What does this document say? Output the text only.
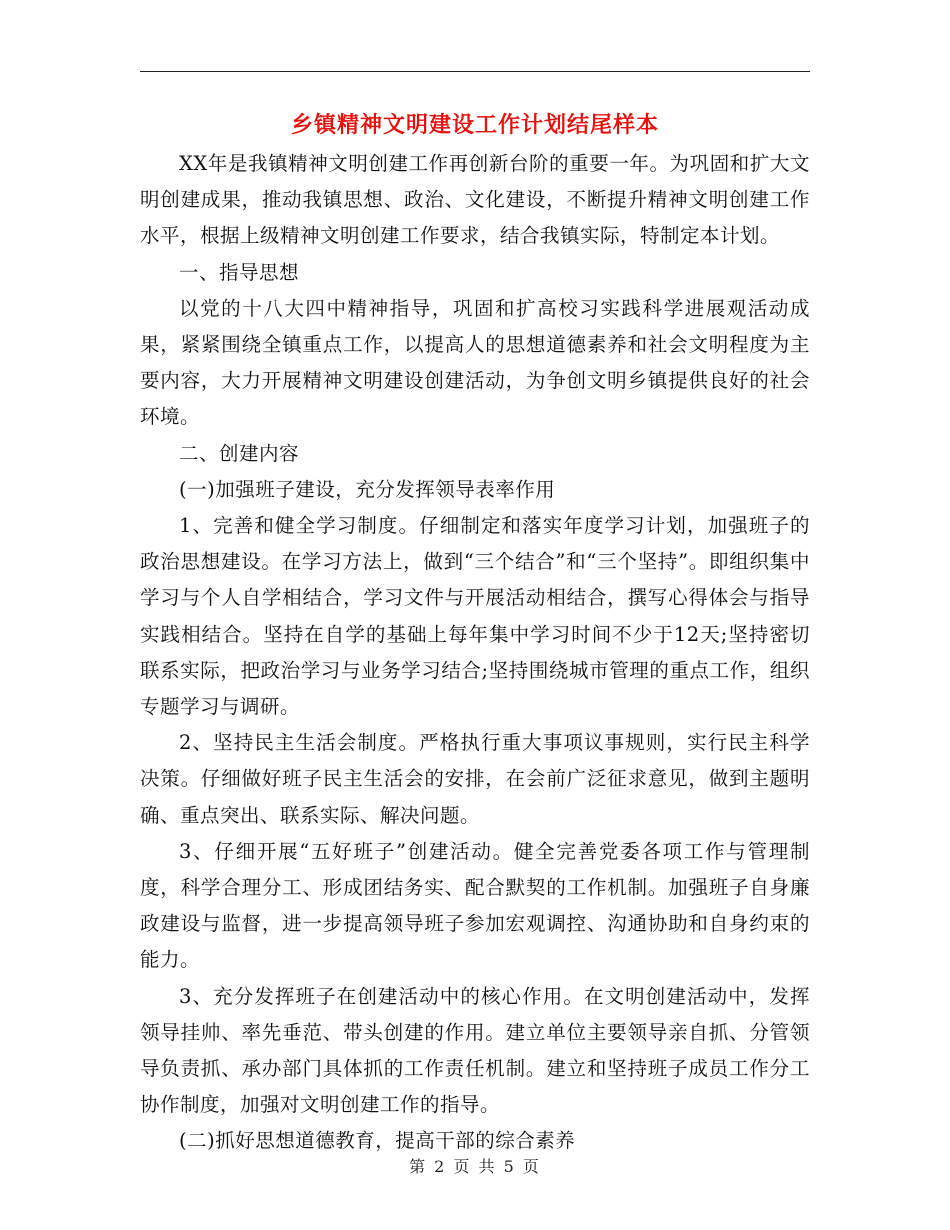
乡镇精神文明建设工作计划结尾样本

XX年是我镇精神文明创建工作再创新台阶的重要一年。为巩固和扩大文明创建成果，推动我镇思想、政治、文化建设，不断提升精神文明创建工作水平，根据上级精神文明创建工作要求，结合我镇实际，特制定本计划。

一、指导思想

以党的十八大四中精神指导，巩固和扩高校习实践科学进展观活动成果，紧紧围绕全镇重点工作，以提高人的思想道德素养和社会文明程度为主要内容，大力开展精神文明建设创建活动，为争创文明乡镇提供良好的社会环境。

二、创建内容

(一)加强班子建设，充分发挥领导表率作用

1、完善和健全学习制度。仔细制定和落实年度学习计划，加强班子的政治思想建设。在学习方法上，做到“三个结合”和“三个坚持”。即组织集中学习与个人自学相结合，学习文件与开展活动相结合，撰写心得体会与指导实践相结合。坚持在自学的基础上每年集中学习时间不少于12天;坚持密切联系实际，把政治学习与业务学习结合;坚持围绕城市管理的重点工作，组织专题学习与调研。

2、坚持民主生活会制度。严格执行重大事项议事规则，实行民主科学决策。仔细做好班子民主生活会的安排，在会前广泛征求意见，做到主题明确、重点突出、联系实际、解决问题。

3、仔细开展“五好班子”创建活动。健全完善党委各项工作与管理制度，科学合理分工、形成团结务实、配合默契的工作机制。加强班子自身廉政建设与监督，进一步提高领导班子参加宏观调控、沟通协助和自身约束的能力。

3、充分发挥班子在创建活动中的核心作用。在文明创建活动中，发挥领导挂帅、率先垂范、带头创建的作用。建立单位主要领导亲自抓、分管领导负责抓、承办部门具体抓的工作责任机制。建立和坚持班子成员工作分工协作制度，加强对文明创建工作的指导。

(二)抓好思想道德教育，提高干部的综合素养

第 2 页 共 5 页
